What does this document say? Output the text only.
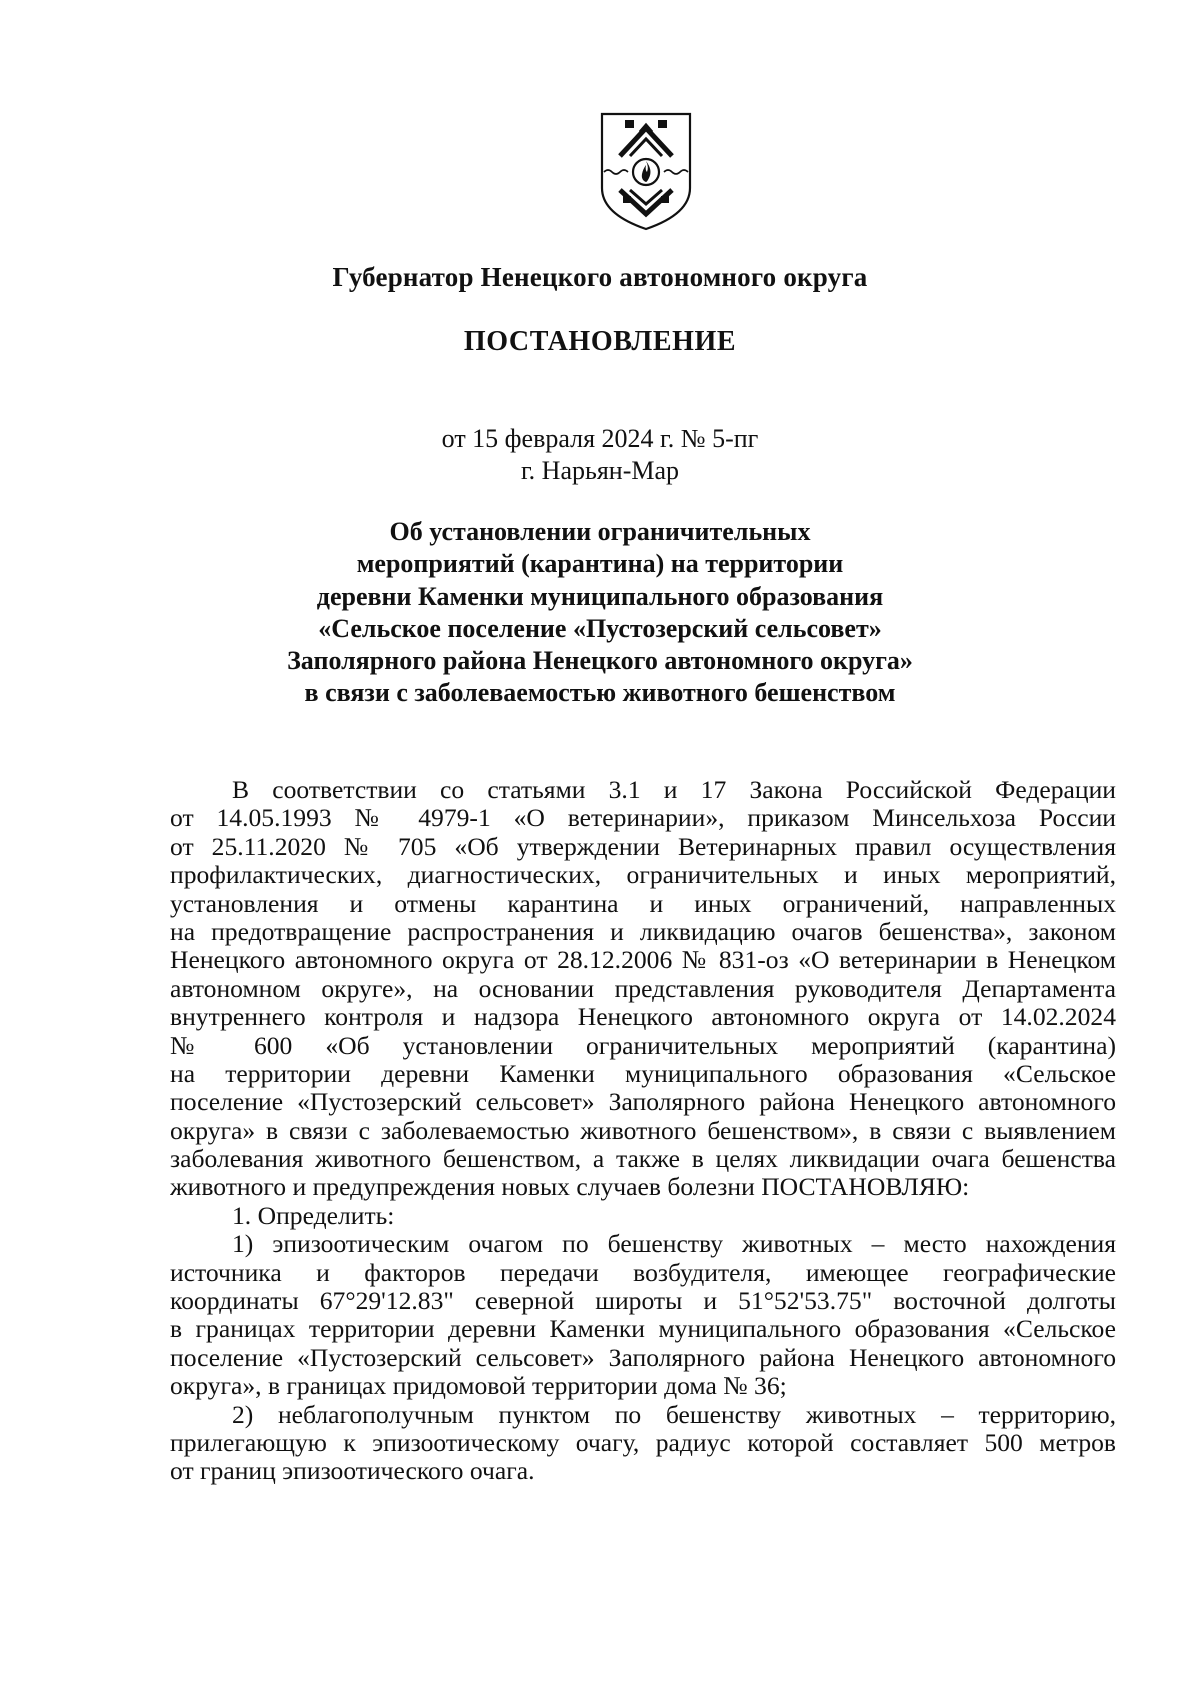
Губернатор Ненецкого автономного округа
ПОСТАНОВЛЕНИЕ
от 15 февраля 2024 г. № 5-пг
г. Нарьян-Мар
Об установлении ограничительных
мероприятий (карантина) на территории
деревни Каменки муниципального образования
«Сельское поселение «Пустозерский сельсовет»
Заполярного района Ненецкого автономного округа»
в связи с заболеваемостью животного бешенством
В соответствии со статьями 3.1 и 17 Закона Российской Федерации
от 14.05.1993 № 4979-1 «О ветеринарии», приказом Минсельхоза России
от 25.11.2020 № 705 «Об утверждении Ветеринарных правил осуществления
профилактических, диагностических, ограничительных и иных мероприятий,
установления и отмены карантина и иных ограничений, направленных
на предотвращение распространения и ликвидацию очагов бешенства», законом
Ненецкого автономного округа от 28.12.2006 № 831-оз «О ветеринарии в Ненецком
автономном округе», на основании представления руководителя Департамента
внутреннего контроля и надзора Ненецкого автономного округа от 14.02.2024
№ 600 «Об установлении ограничительных мероприятий (карантина)
на территории деревни Каменки муниципального образования «Сельское
поселение «Пустозерский сельсовет» Заполярного района Ненецкого автономного
округа» в связи с заболеваемостью животного бешенством», в связи с выявлением
заболевания животного бешенством, а также в целях ликвидации очага бешенства
животного и предупреждения новых случаев болезни ПОСТАНОВЛЯЮ:
1. Определить:
1) эпизоотическим очагом по бешенству животных – место нахождения
источника и факторов передачи возбудителя, имеющее географические
координаты 67°29'12.83" северной широты и 51°52'53.75" восточной долготы
в границах территории деревни Каменки муниципального образования «Сельское
поселение «Пустозерский сельсовет» Заполярного района Ненецкого автономного
округа», в границах придомовой территории дома № 36;
2) неблагополучным пунктом по бешенству животных – территорию,
прилегающую к эпизоотическому очагу, радиус которой составляет 500 метров
от границ эпизоотического очага.
